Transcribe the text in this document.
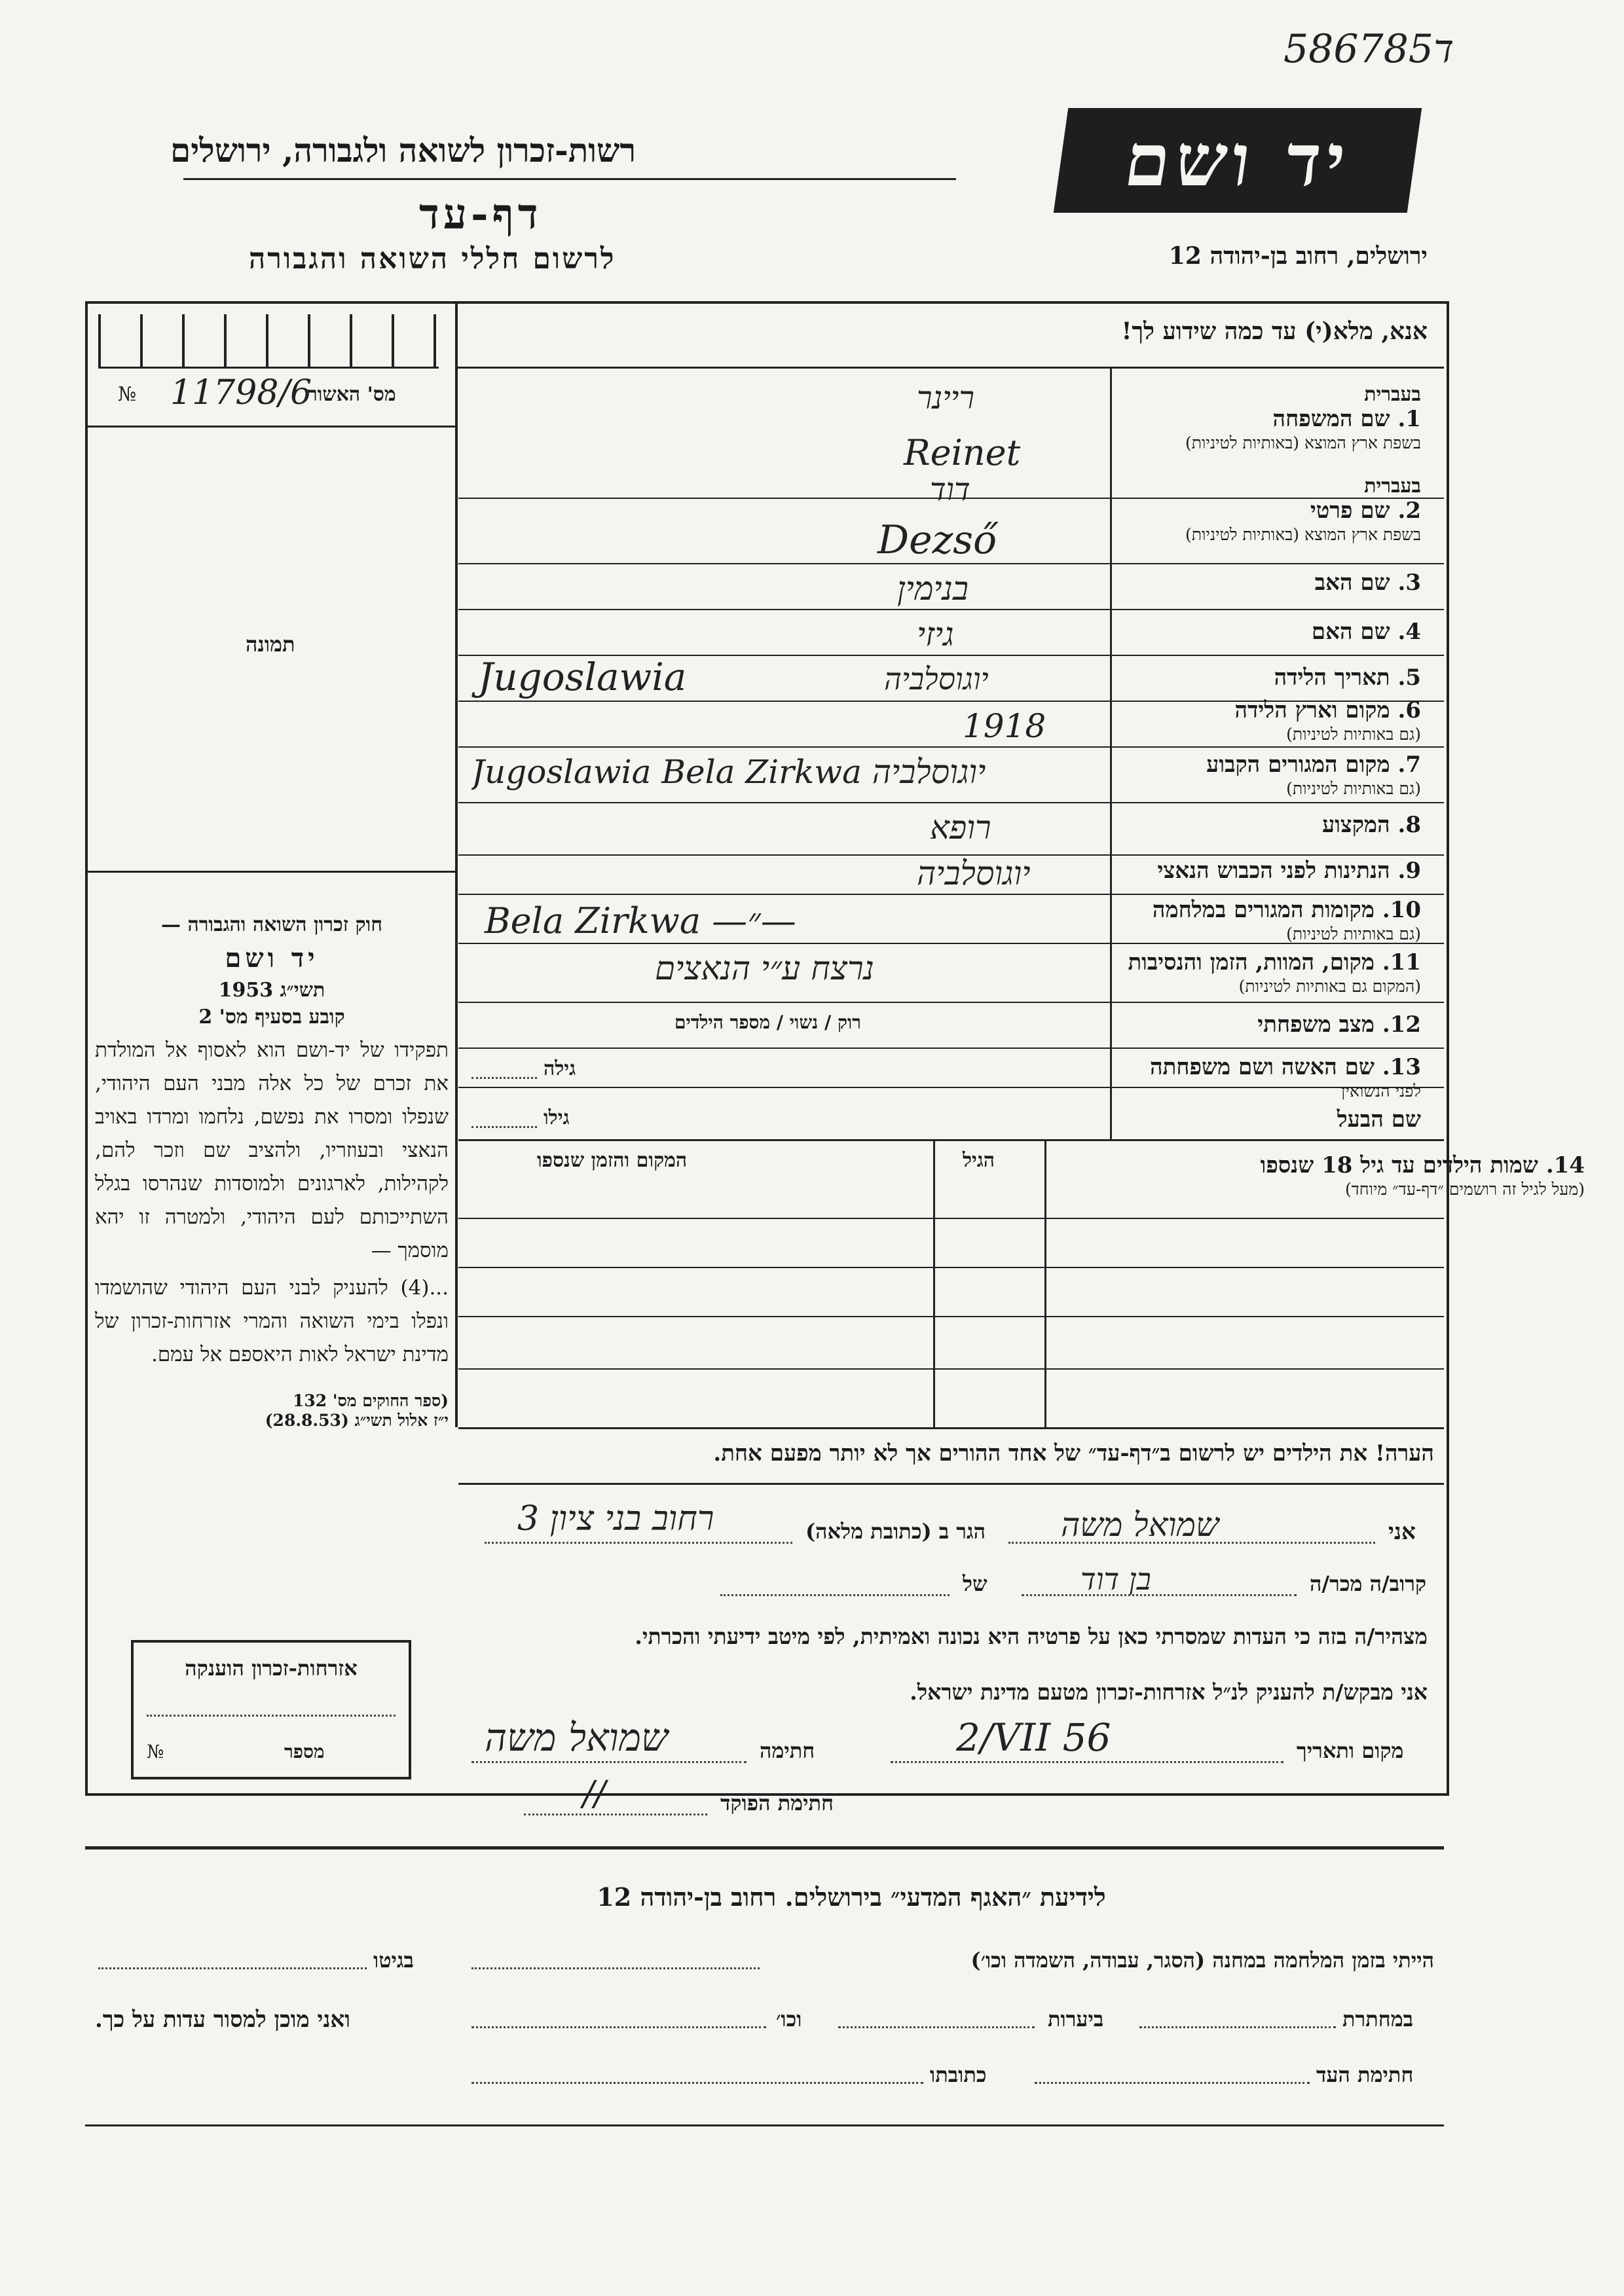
5867ד85
רשות-זכרון לשואה ולגבורה, ירושלים
דף-עד
לרשום חללי השואה והגבורה
יד ושם
ירושלים, רחוב בן-יהודה 12
אנא, מלא(י) עד כמה שידוע לך!
מס' האשור
№ 11798/6
תמונה
בעברית
1. שם המשפחה
בשפת ארץ המוצא (באותיות לטיניות)
ריינר
Reinet
בעברית
2. שם פרטי
בשפת ארץ המוצא (באותיות לטיניות)
דוד
Dezső
3. שם האב
בנימין
4. שם האם
גיזי
5. תאריך הלידה
יוגוסלביה
Jugoslawia
6. מקום וארץ הלידה
(גם באותיות לטיניות)
1918
7. מקום המגורים הקבוע
(גם באותיות לטיניות)
Jugoslawia Bela Zirkwa יוגוסלביה
8. המקצוע
רופא
9. הנתינות לפני הכבוש הנאצי
יוגוסלביה
10. מקומות המגורים במלחמה
(גם באותיות לטיניות)
Bela Zirkwa —״—
11. מקום, המוות, הזמן והנסיבות
(המקום גם באותיות לטיניות)
נרצח ע״י הנאצים
12. מצב משפחתי
רוק / נשוי / מספר הילדים
13. שם האשה ושם משפחתה
לפני הנשואין
גילה
שם הבעל
גילו
14. שמות הילדים עד גיל 18 שנספו
(מעל לגיל זה רושמים ״דף-עד״ מיוחד)
הגיל
המקום והזמן שנספו
הערה! את הילדים יש לרשום ב״דף-עד״ של אחד ההורים אך לא יותר מפעם אחת.
חוק זכרון השואה והגבורה —
יד ושם
תשי״ג 1953
קובע בסעיף מס' 2
תפקידו של יד-ושם הוא לאסוף אל המולדת את זכרם של כל אלה מבני העם היהודי, שנפלו ומסרו את נפשם, נלחמו ומרדו באויב הנאצי ובעוזריו, ולהציב שם וזכר להם, לקהילות, לארגונים ולמוסדות שנהרסו בגלל השתייכותם לעם היהודי, ולמטרה זו יהא מוסמך —
...(4) להעניק לבני העם היהודי שהושמדו ונפלו בימי השואה והמרי אזרחות-זכרון של מדינת ישראל לאות היאספם אל עמם.
(ספר החוקים מס' 132
י״ז אלול תשי״ג (28.8.53)
אזרחות-זכרון הוענקה
מספר
№
אני
שמואל משה
הגר ב (כתובת מלאה)
רחוב בני ציון 3
קרוב/ה מכר/ה
בן דוד
של
מצהיר/ה בזה כי העדות שמסרתי כאן על פרטיה היא נכונה ואמיתית, לפי מיטב ידיעתי והכרתי.
אני מבקש/ת להעניק לנ״ל אזרחות-זכרון מטעם מדינת ישראל.
מקום ותאריך
2/VII 56
חתימה
שמואל משה
חתימת הפוקד
//
לידיעת ״האגף המדעי״ בירושלים. רחוב בן-יהודה 12
הייתי בזמן המלחמה במחנה (הסגר, עבודה, השמדה וכו׳)
בגיטו
במחתרת
ביערות
וכו׳
ואני מוכן למסור עדות על כך.
חתימת העד
כתובתו
